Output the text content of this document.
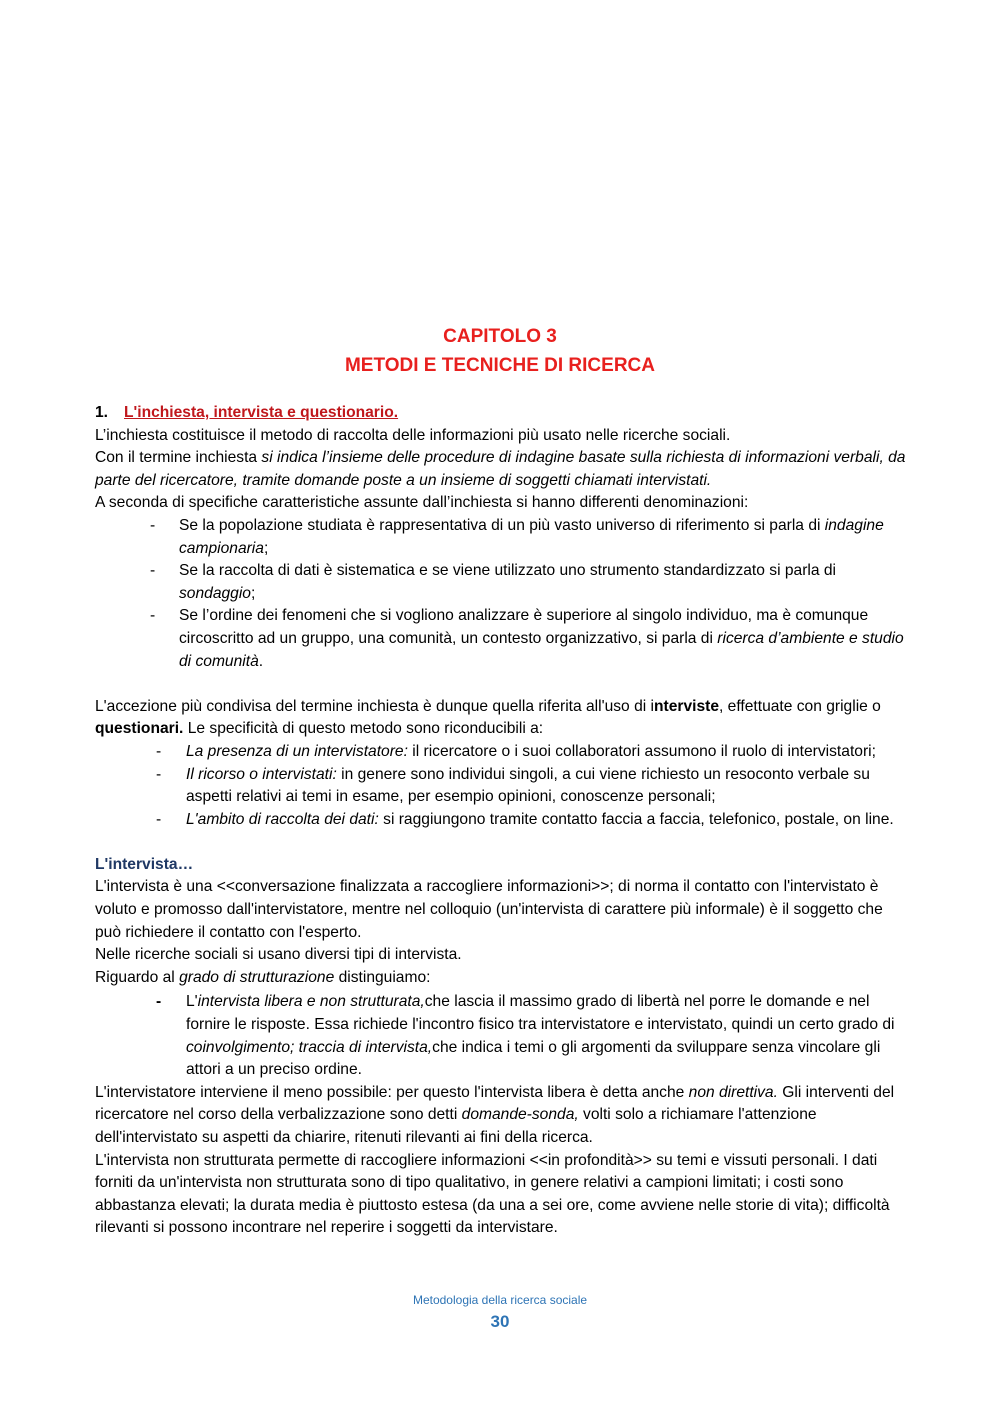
CAPITOLO 3
METODI E TECNICHE DI RICERCA
1. L'inchiesta, intervista e questionario.

L’inchiesta costituisce il metodo di raccolta delle informazioni più usato nelle ricerche sociali.

Con il termine inchiesta si indica l’insieme delle procedure di indagine basate sulla richiesta di informazioni verbali, da parte del ricercatore, tramite domande poste a un insieme di soggetti chiamati intervistati.

A seconda di specifiche caratteristiche assunte dall’inchiesta si hanno differenti denominazioni:

- Se la popolazione studiata è rappresentativa di un più vasto universo di riferimento si parla di indagine campionaria;
- Se la raccolta di dati è sistematica e se viene utilizzato uno strumento standardizzato si parla di sondaggio;
- Se l’ordine dei fenomeni che si vogliono analizzare è superiore al singolo individuo, ma è comunque circoscritto ad un gruppo, una comunità, un contesto organizzativo, si parla di ricerca d’ambiente e studio di comunità.

L'accezione più condivisa del termine inchiesta è dunque quella riferita all'uso di interviste, effettuate con griglie o questionari. Le specificità di questo metodo sono riconducibili a:

- La presenza di un intervistatore: il ricercatore o i suoi collaboratori assumono il ruolo di intervistatori;
- Il ricorso o intervistati: in genere sono individui singoli, a cui viene richiesto un resoconto verbale su aspetti relativi ai temi in esame, per esempio opinioni, conoscenze personali;
- L'ambito di raccolta dei dati: si raggiungono tramite contatto faccia a faccia, telefonico, postale, on line.

L'intervista…

L'intervista è una <<conversazione finalizzata a raccogliere informazioni>>; di norma il contatto con l'intervistato è voluto e promosso dall'intervistatore, mentre nel colloquio (un'intervista di carattere più informale) è il soggetto che può richiedere il contatto con l'esperto.

Nelle ricerche sociali si usano diversi tipi di intervista.

Riguardo al grado di strutturazione distinguiamo:

- L'intervista libera e non strutturata,che lascia il massimo grado di libertà nel porre le domande e nel fornire le risposte. Essa richiede l'incontro fisico tra intervistatore e intervistato, quindi un certo grado di coinvolgimento; traccia di intervista,che indica i temi o gli argomenti da sviluppare senza vincolare gli attori a un preciso ordine.

L'intervistatore interviene il meno possibile: per questo l'intervista libera è detta anche non direttiva. Gli interventi del ricercatore nel corso della verbalizzazione sono detti domande-sonda, volti solo a richiamare l'attenzione dell'intervistato su aspetti da chiarire, ritenuti rilevanti ai fini della ricerca.

L'intervista non strutturata permette di raccogliere informazioni <<in profondità>> su temi e vissuti personali. I dati forniti da un'intervista non strutturata sono di tipo qualitativo, in genere relativi a campioni limitati; i costi sono abbastanza elevati; la durata media è piuttosto estesa (da una a sei ore, come avviene nelle storie di vita); difficoltà rilevanti si possono incontrare nel reperire i soggetti da intervistare.

Metodologia della ricerca sociale
30
